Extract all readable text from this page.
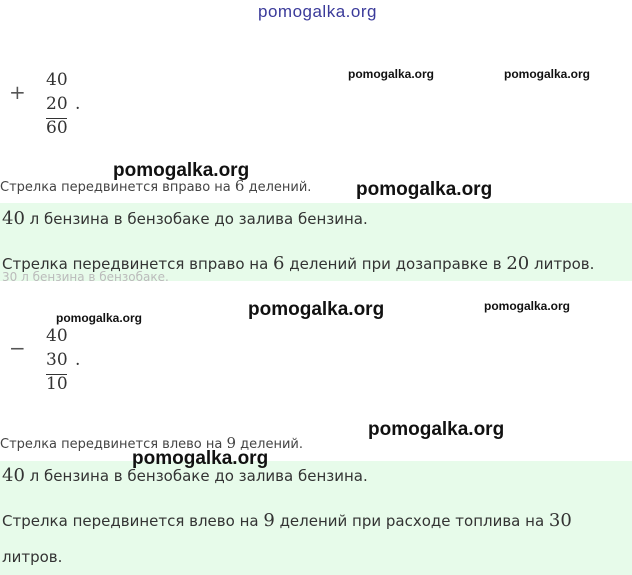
pomogalka.org
pomogalka.org	pomogalka.org
pomogalka.org
pomogalka.org
pomogalka.org	pomogalka.org
pomogalka.org
pomogalka.org
+ 40
20
60
.
Стрелка передвинется вправо на 6 делений.
30 л бензина в бензобаке.
40 л бензина в бензобаке до залива бензина.
Стрелка передвинется вправо на 6 делений при дозаправке в 20 литров.
− 40
30
10
.
Стрелка передвинется влево на 9 делений.
pomogalka.org
40 л бензина в бензобаке до залива бензина.
Стрелка передвинется влево на 9 делений при расходе топлива на 30
литров.
